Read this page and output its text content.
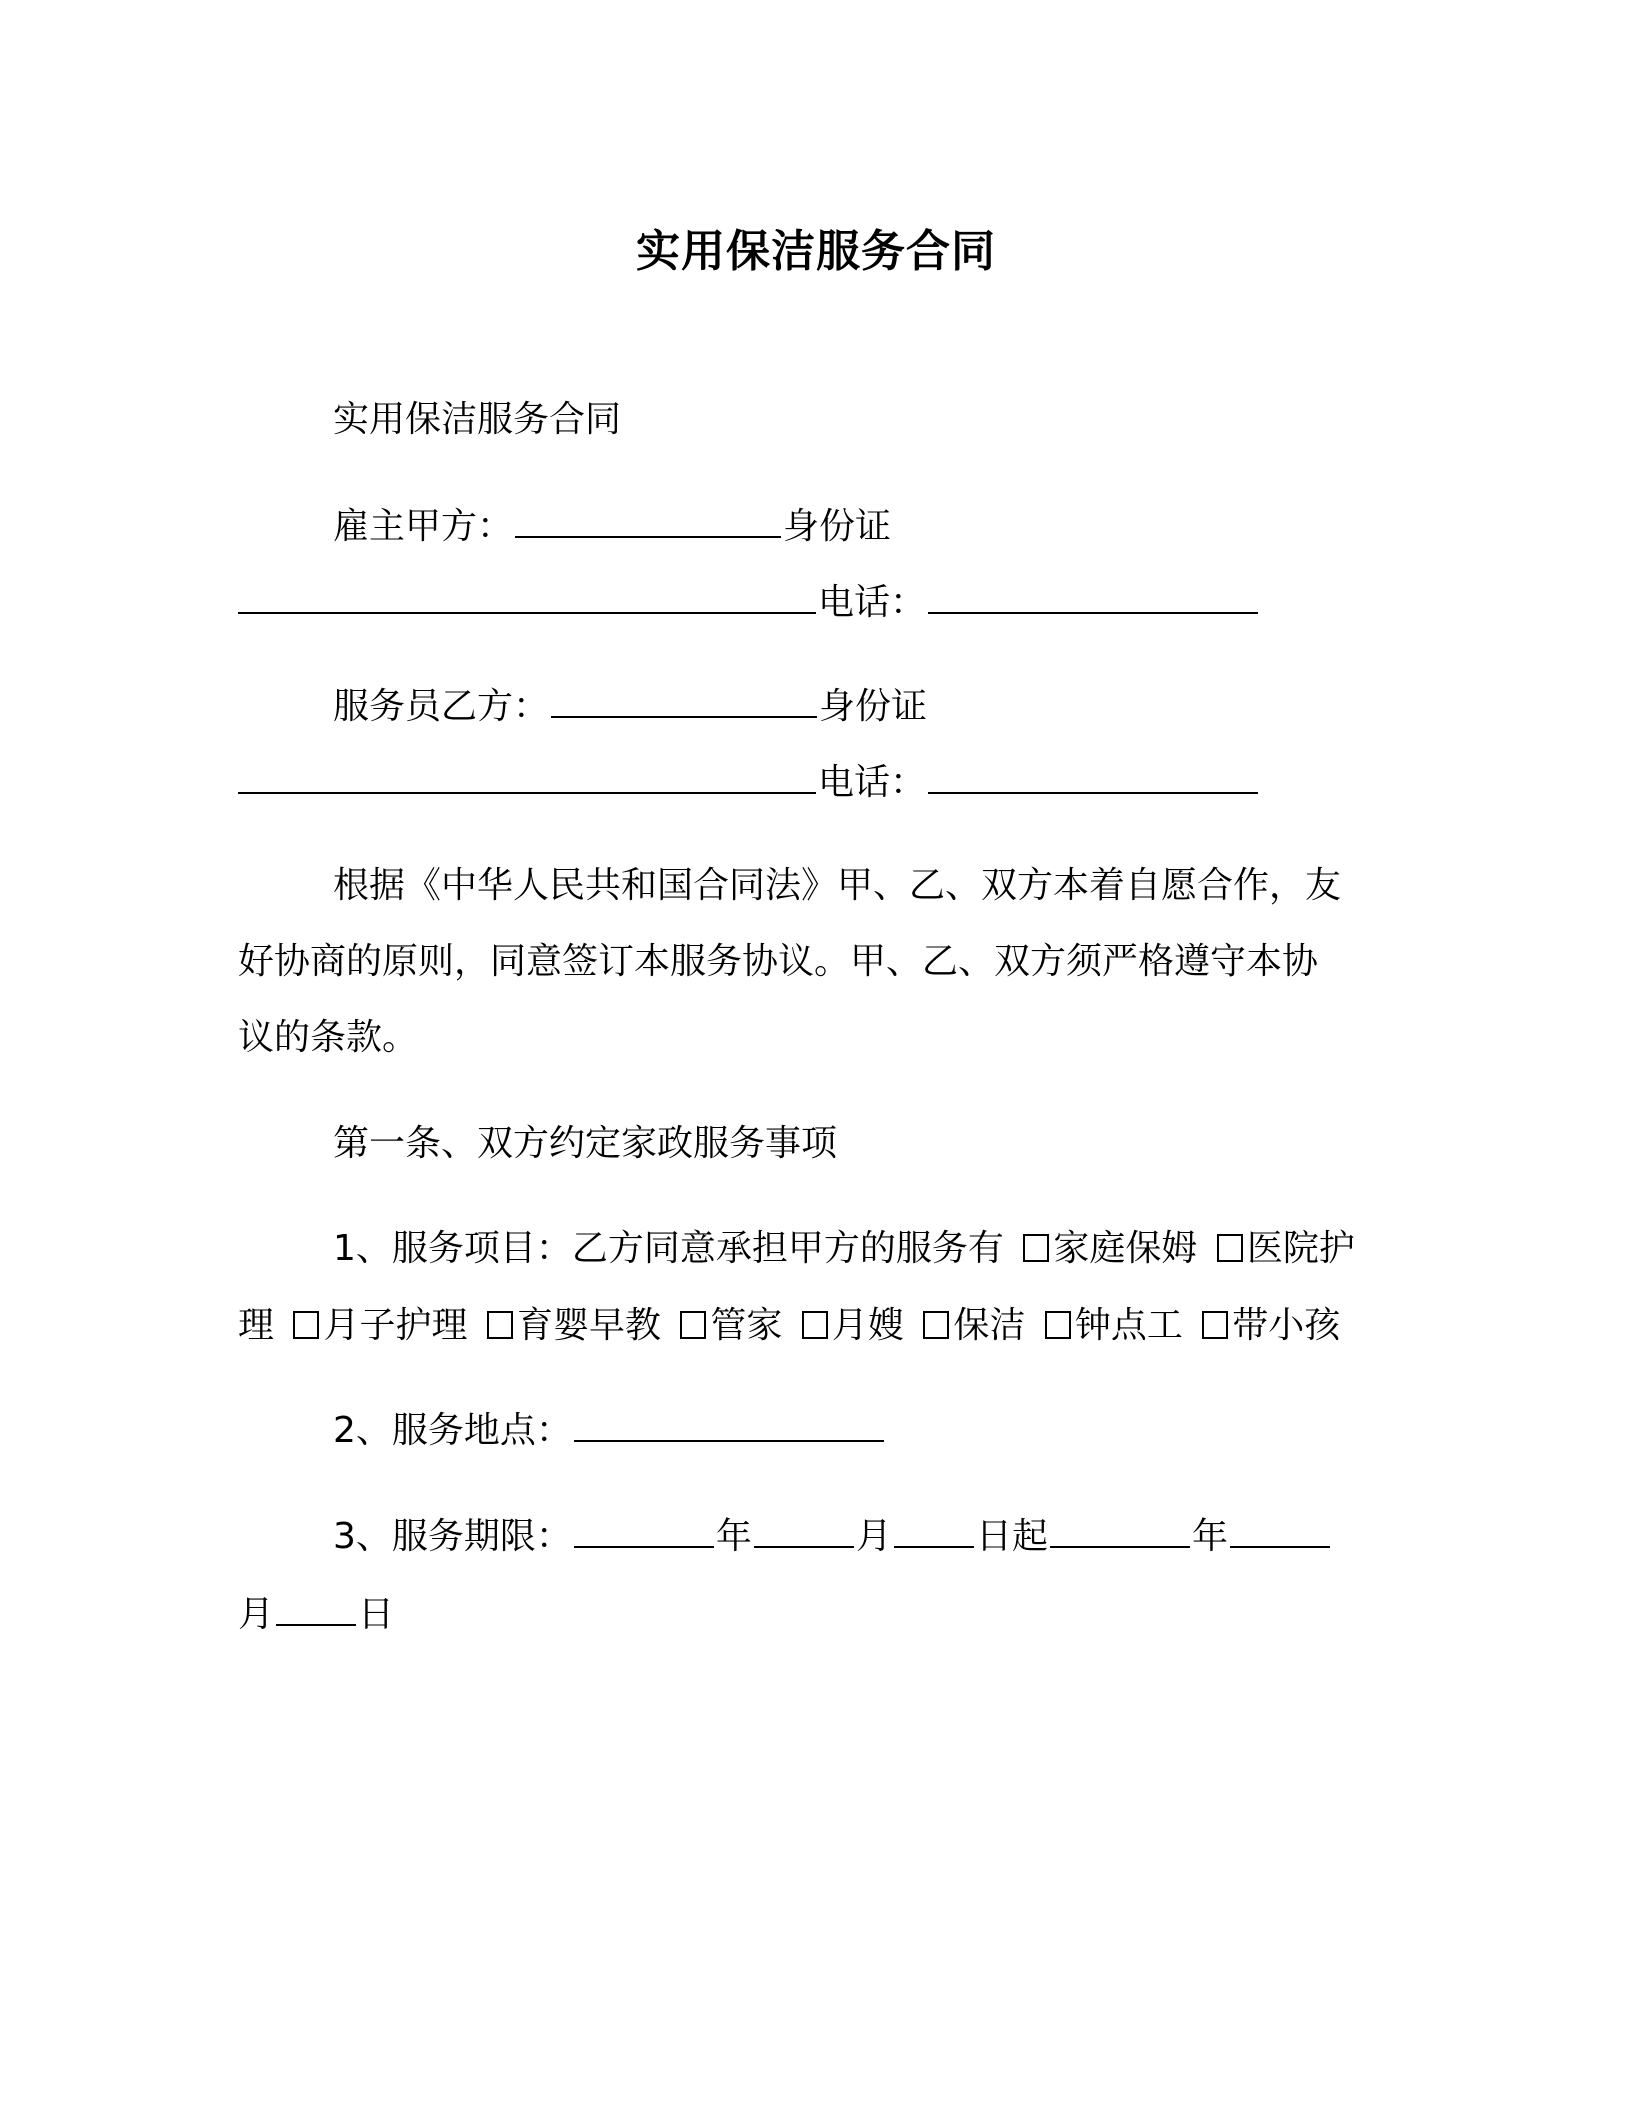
实用保洁服务合同
实用保洁服务合同
雇主甲方：	身份证
电话：
服务员乙方：	身份证
电话：
根据《中华人民共和国合同法》甲、乙、双方本着自愿合作，友
好协商的原则，同意签订本服务协议。甲、乙、双方须严格遵守本协
议的条款。
第一条、双方约定家政服务事项
1、服务项目：乙方同意承担甲方的服务有 家庭保姆 医院护
理 月子护理 育婴早教 管家 月嫂 保洁 钟点工 带小孩
2、服务地点：
3、服务期限：	年	月 日起	年
月 日
